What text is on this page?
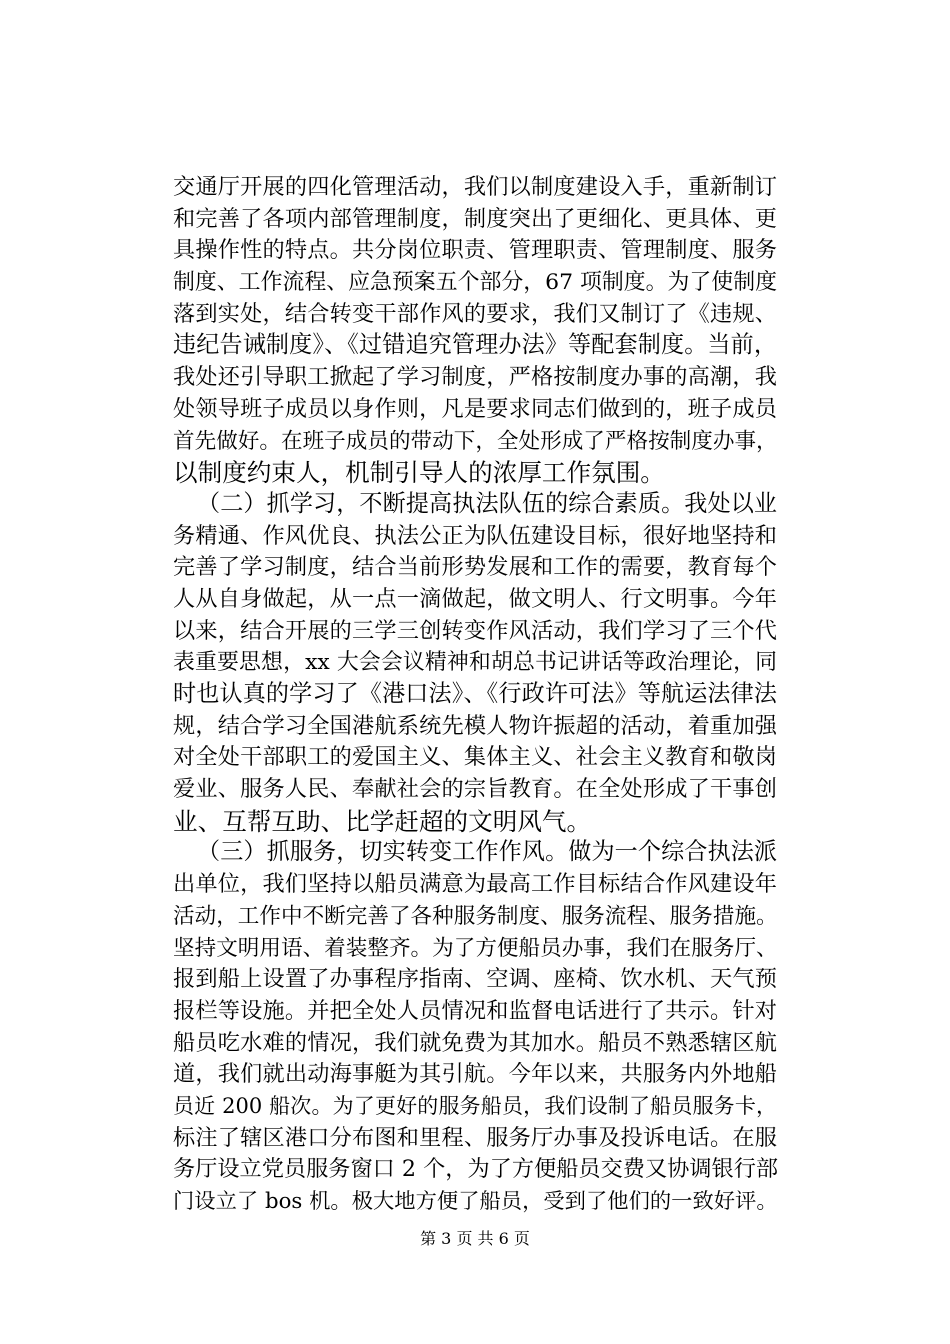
交通厅开展的四化管理活动，我们以制度建设入手，重新制订
和完善了各项内部管理制度，制度突出了更细化、更具体、更
具操作性的特点。共分岗位职责、管理职责、管理制度、服务
制度、工作流程、应急预案五个部分，67 项制度。为了使制度
落到实处，结合转变干部作风的要求，我们又制订了《违规、
违纪告诫制度》、《过错追究管理办法》等配套制度。当前，
我处还引导职工掀起了学习制度，严格按制度办事的高潮，我
处领导班子成员以身作则，凡是要求同志们做到的，班子成员
首先做好。在班子成员的带动下，全处形成了严格按制度办事，
以制度约束人，机制引导人的浓厚工作氛围。
（二）抓学习，不断提高执法队伍的综合素质。我处以业
务精通、作风优良、执法公正为队伍建设目标，很好地坚持和
完善了学习制度，结合当前形势发展和工作的需要，教育每个
人从自身做起，从一点一滴做起，做文明人、行文明事。今年
以来，结合开展的三学三创转变作风活动，我们学习了三个代
表重要思想，xx 大会会议精神和胡总书记讲话等政治理论，同
时也认真的学习了《港口法》、《行政许可法》等航运法律法
规，结合学习全国港航系统先模人物许振超的活动，着重加强
对全处干部职工的爱国主义、集体主义、社会主义教育和敬岗
爱业、服务人民、奉献社会的宗旨教育。在全处形成了干事创
业、互帮互助、比学赶超的文明风气。
（三）抓服务，切实转变工作作风。做为一个综合执法派
出单位，我们坚持以船员满意为最高工作目标结合作风建设年
活动，工作中不断完善了各种服务制度、服务流程、服务措施。
坚持文明用语、着装整齐。为了方便船员办事，我们在服务厅、
报到船上设置了办事程序指南、空调、座椅、饮水机、天气预
报栏等设施。并把全处人员情况和监督电话进行了共示。针对
船员吃水难的情况，我们就免费为其加水。船员不熟悉辖区航
道，我们就出动海事艇为其引航。今年以来，共服务内外地船
员近 200 船次。为了更好的服务船员，我们设制了船员服务卡，
标注了辖区港口分布图和里程、服务厅办事及投诉电话。在服
务厅设立党员服务窗口 2 个，为了方便船员交费又协调银行部
门设立了 bos 机。极大地方便了船员，受到了他们的一致好评。
第 3 页 共 6 页
